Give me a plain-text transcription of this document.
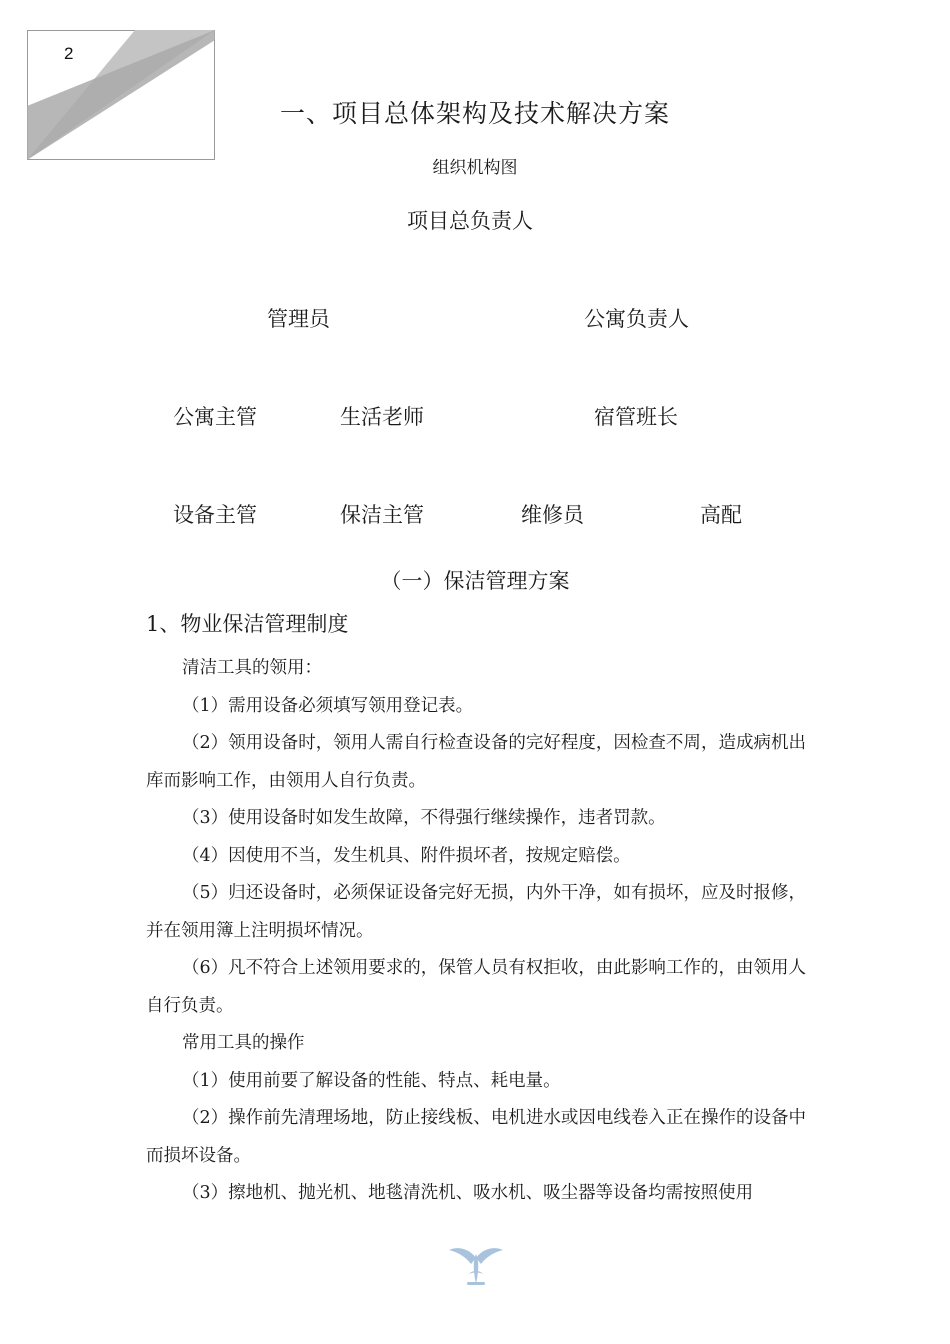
2
一、项目总体架构及技术解决方案
组织机构图
项目总负责人
管理员	公寓负责人
公寓主管	生活老师	宿管班长
设备主管	保洁主管	维修员	高配
（一）保洁管理方案
1、物业保洁管理制度

清洁工具的领用：

（1）需用设备必须填写领用登记表。

（2）领用设备时，领用人需自行检查设备的完好程度，因检查不周，造成病机出库而影响工作，由领用人自行负责。

（3）使用设备时如发生故障，不得强行继续操作，违者罚款。

（4）因使用不当，发生机具、附件损坏者，按规定赔偿。

（5）归还设备时，必须保证设备完好无损，内外干净，如有损坏，应及时报修，并在领用簿上注明损坏情况。

（6）凡不符合上述领用要求的，保管人员有权拒收，由此影响工作的，由领用人自行负责。

常用工具的操作

（1）使用前要了解设备的性能、特点、耗电量。

（2）操作前先清理场地，防止接线板、电机进水或因电线卷入正在操作的设备中而损坏设备。

（3）擦地机、抛光机、地毯清洗机、吸水机、吸尘器等设备均需按照使用
